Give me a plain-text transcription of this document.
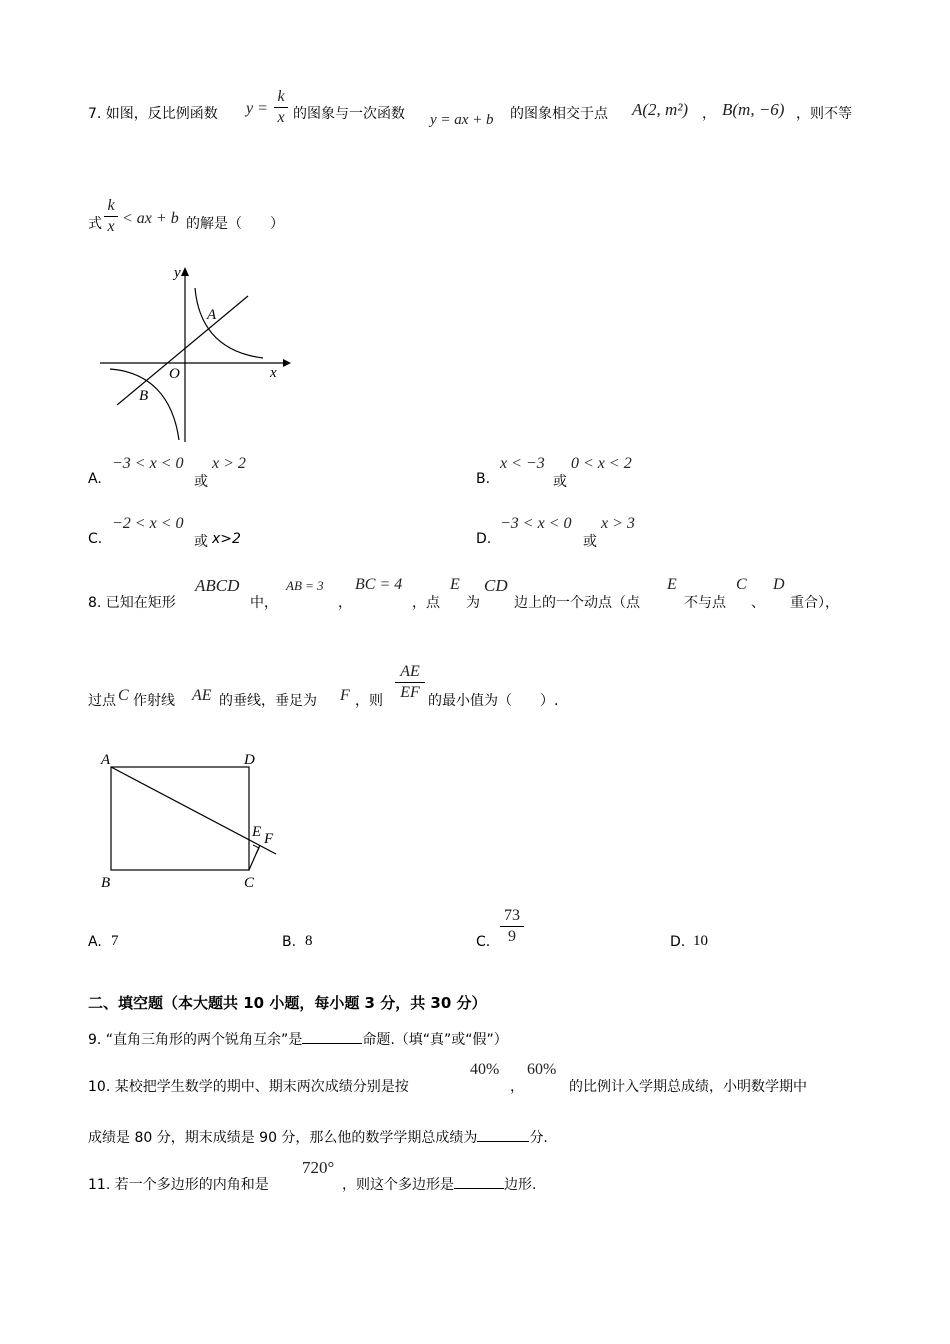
7. 如图，反比例函数 y =
k
x 的图象与一次函数 y = ax + b 的图象相交于点 A(2, m²) ， B(m, −6) ，则不等
式
k
x < ax + b 的解是（　　）
y
x
A
B
O
A.
−3 < x < 0
或
x > 2
B.
x < −3
或
0 < x < 2
C.
−2 < x < 0
或 x>2	D.
−3 < x < 0
或
x > 3
8. 已知在矩形
ABCD
中，
AB = 3
，
BC = 4
，点
E
为
CD
边上的一个动点（点
E
不与点
C
、
D
重合），
过点 C 作射线 AE 的垂线，垂足为 F ，则
AE
EF 的最小值为（　　）.
A	D
B	C
E F
A. 7	B. 8	C.
73
9	D. 10
二、填空题（本大题共 10 小题，每小题 3 分，共 30 分）
9. “直角三角形的两个锐角互余”是	命题.（填“真”或“假”）
10. 某校把学生数学的期中、期末两次成绩分别是按
40%
，
60%
的比例计入学期总成绩，小明数学期中
成绩是 80 分，期末成绩是 90 分，那么他的数学学期总成绩为	分.
11. 若一个多边形的内角和是
720°
，则这个多边形是	边形.
